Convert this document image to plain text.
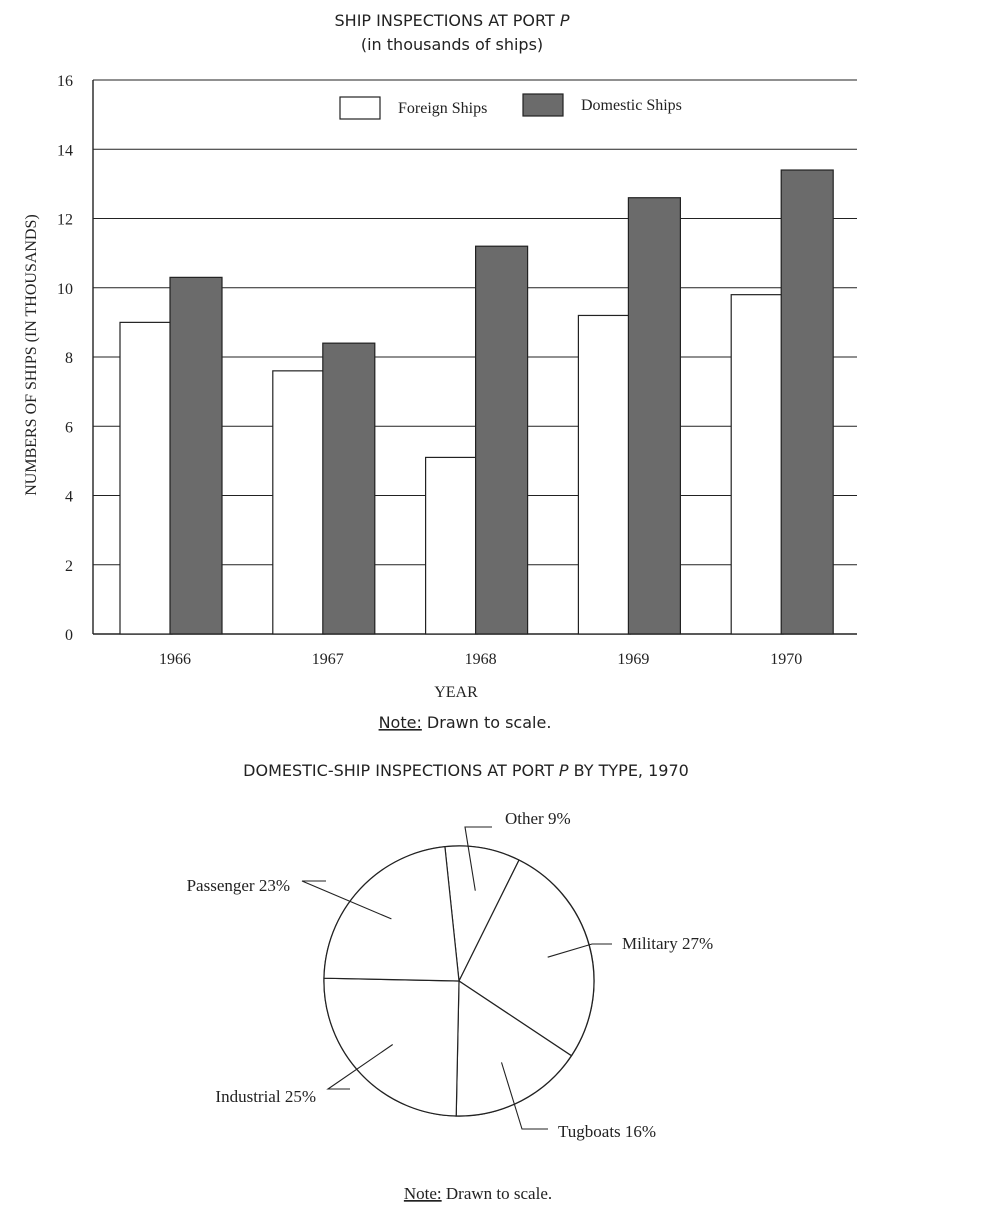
SHIP INSPECTIONS AT PORT P
(in thousands of ships)
NUMBERS OF SHIPS (IN THOUSANDS)
0
2
4
6
8
10
12
14
16
1966	1967	1968	1969	1970
Foreign Ships	Domestic Ships
YEAR
Note: Drawn to scale.
DOMESTIC-SHIP INSPECTIONS AT PORT P BY TYPE, 1970
Other 9%
Military 27%
Tugboats 16%
Industrial 25%
Passenger 23%
Note: Drawn to scale.
